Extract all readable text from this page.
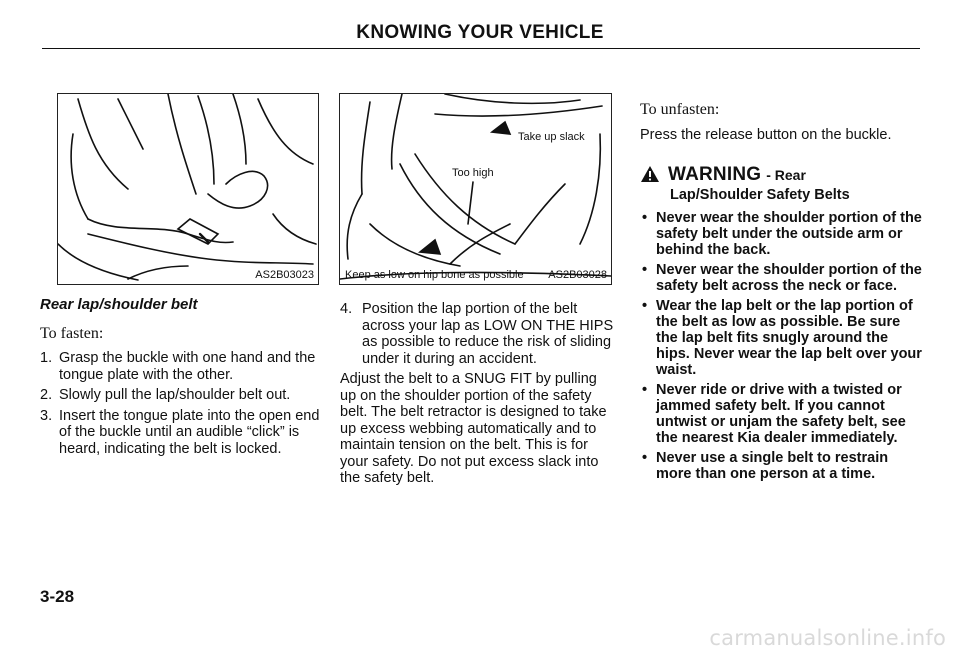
KNOWING YOUR VEHICLE
AS2B03023
Take up slack
Too high
Keep as low on hip bone as possible AS2B03028
Rear lap/shoulder belt
To fasten:
1. Grasp the buckle with one hand and the tongue plate with the other.
2. Slowly pull the lap/shoulder belt out.
3. Insert the tongue plate into the open end of the buckle until an audible “click” is heard, indicating the belt is locked.
4. Position the lap portion of the belt across your lap as LOW ON THE HIPS as possible to reduce the risk of sliding under it during an accident.

Adjust the belt to a SNUG FIT by pulling up on the shoulder portion of the safety belt. The belt retractor is designed to take up excess webbing automatically and to maintain tension on the belt. This is for your safety. Do not put excess slack into the safety belt.

To unfasten:

Press the release button on the buckle.

WARNING - Rear
Lap/Shoulder Safety Belts
• Never wear the shoulder portion of the safety belt under the outside arm or behind the back.
• Never wear the shoulder portion of the safety belt across the neck or face.
• Wear the lap belt or the lap portion of the belt as low as possible. Be sure the lap belt fits snugly around the hips. Never wear the lap belt over your waist.
• Never ride or drive with a twisted or jammed safety belt. If you cannot untwist or unjam the safety belt, see the nearest Kia dealer immediately.
• Never use a single belt to restrain more than one person at a time.
3-28
carmanualsonline.info
